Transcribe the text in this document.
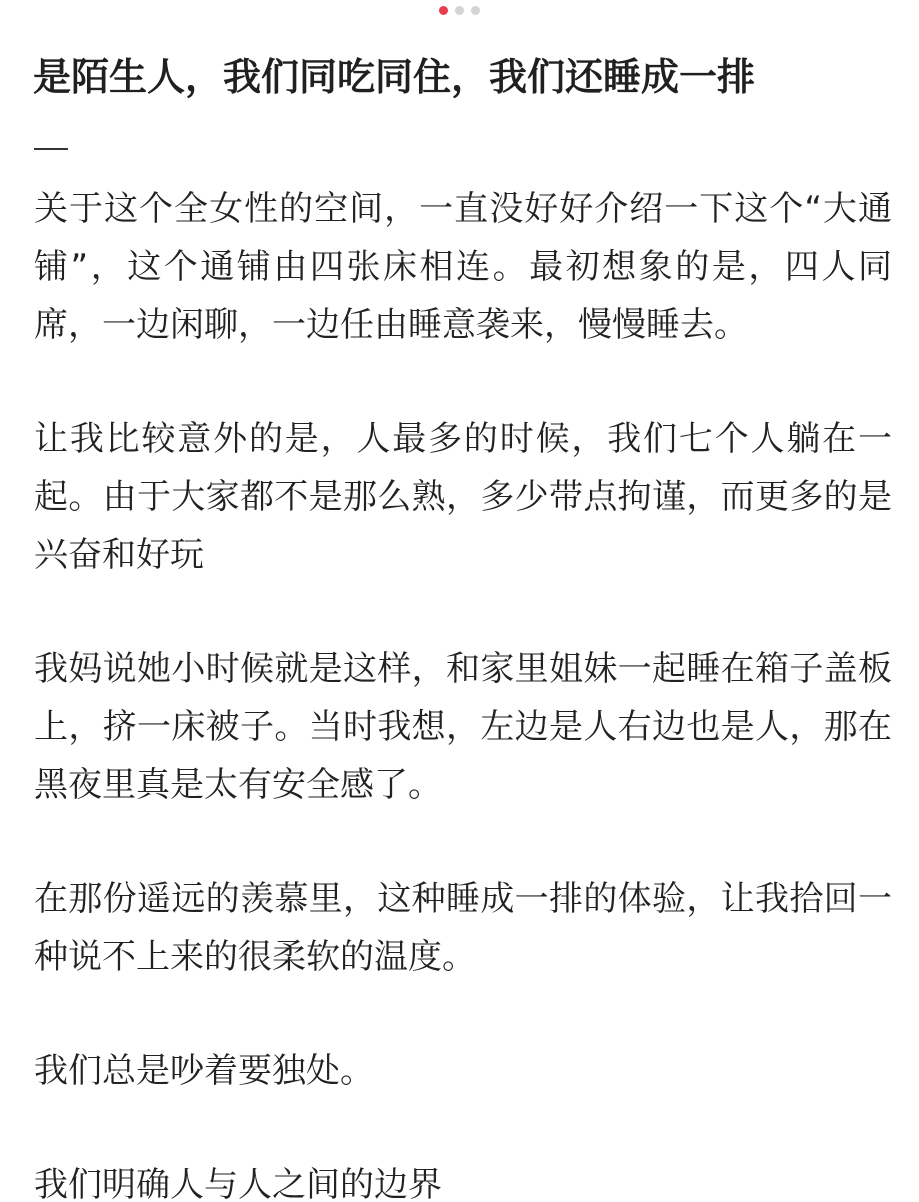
是陌生人，我们同吃同住，我们还睡成一排

关于这个全女性的空间，一直没好好介绍一下这个“大通铺”，这个通铺由四张床相连。最初想象的是，四人同席，一边闲聊，一边任由睡意袭来，慢慢睡去。

让我比较意外的是，人最多的时候，我们七个人躺在一起。由于大家都不是那么熟，多少带点拘谨，而更多的是兴奋和好玩

我妈说她小时候就是这样，和家里姐妹一起睡在箱子盖板上，挤一床被子。当时我想，左边是人右边也是人，那在黑夜里真是太有安全感了。

在那份遥远的羡慕里，这种睡成一排的体验，让我拾回一种说不上来的很柔软的温度。

我们总是吵着要独处。

我们明确人与人之间的边界
